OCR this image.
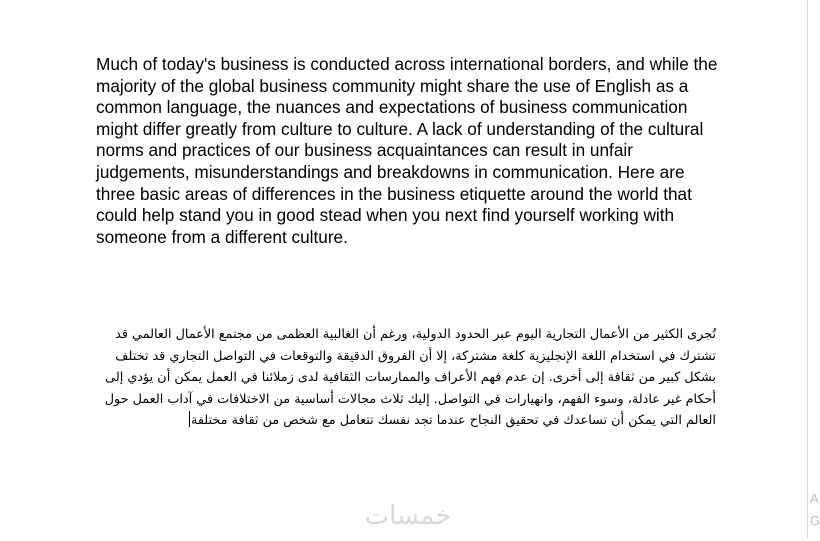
Much of today's business is conducted across international borders, and while the majority of the global business community might share the use of English as a common language, the nuances and expectations of business communication might differ greatly from culture to culture. A lack of understanding of the cultural norms and practices of our business acquaintances can result in unfair judgements, misunderstandings and breakdowns in communication. Here are three basic areas of differences in the business etiquette around the world that could help stand you in good stead when you next find yourself working with someone from a different culture.

تُجرى الكثير من الأعمال التجارية اليوم عبر الحدود الدولية، ورغم أن الغالبية العظمى من مجتمع الأعمال العالمي قد تشترك في استخدام اللغة الإنجليزية كلغة مشتركة، إلا أن الفروق الدقيقة والتوقعات في التواصل التجاري قد تختلف بشكل كبير من ثقافة إلى أخرى. إن عدم فهم الأعراف والممارسات الثقافية لدى زملائنا في العمل يمكن أن يؤدي إلى أحكام غير عادلة، وسوء الفهم، وانهيارات في التواصل. إليك ثلاث مجالات أساسية من الاختلافات في آداب العمل حول العالم التي يمكن أن تساعدك في تحقيق النجاح عندما تجد نفسك تتعامل مع شخص من ثقافة مختلفة

خمسات
A
G
